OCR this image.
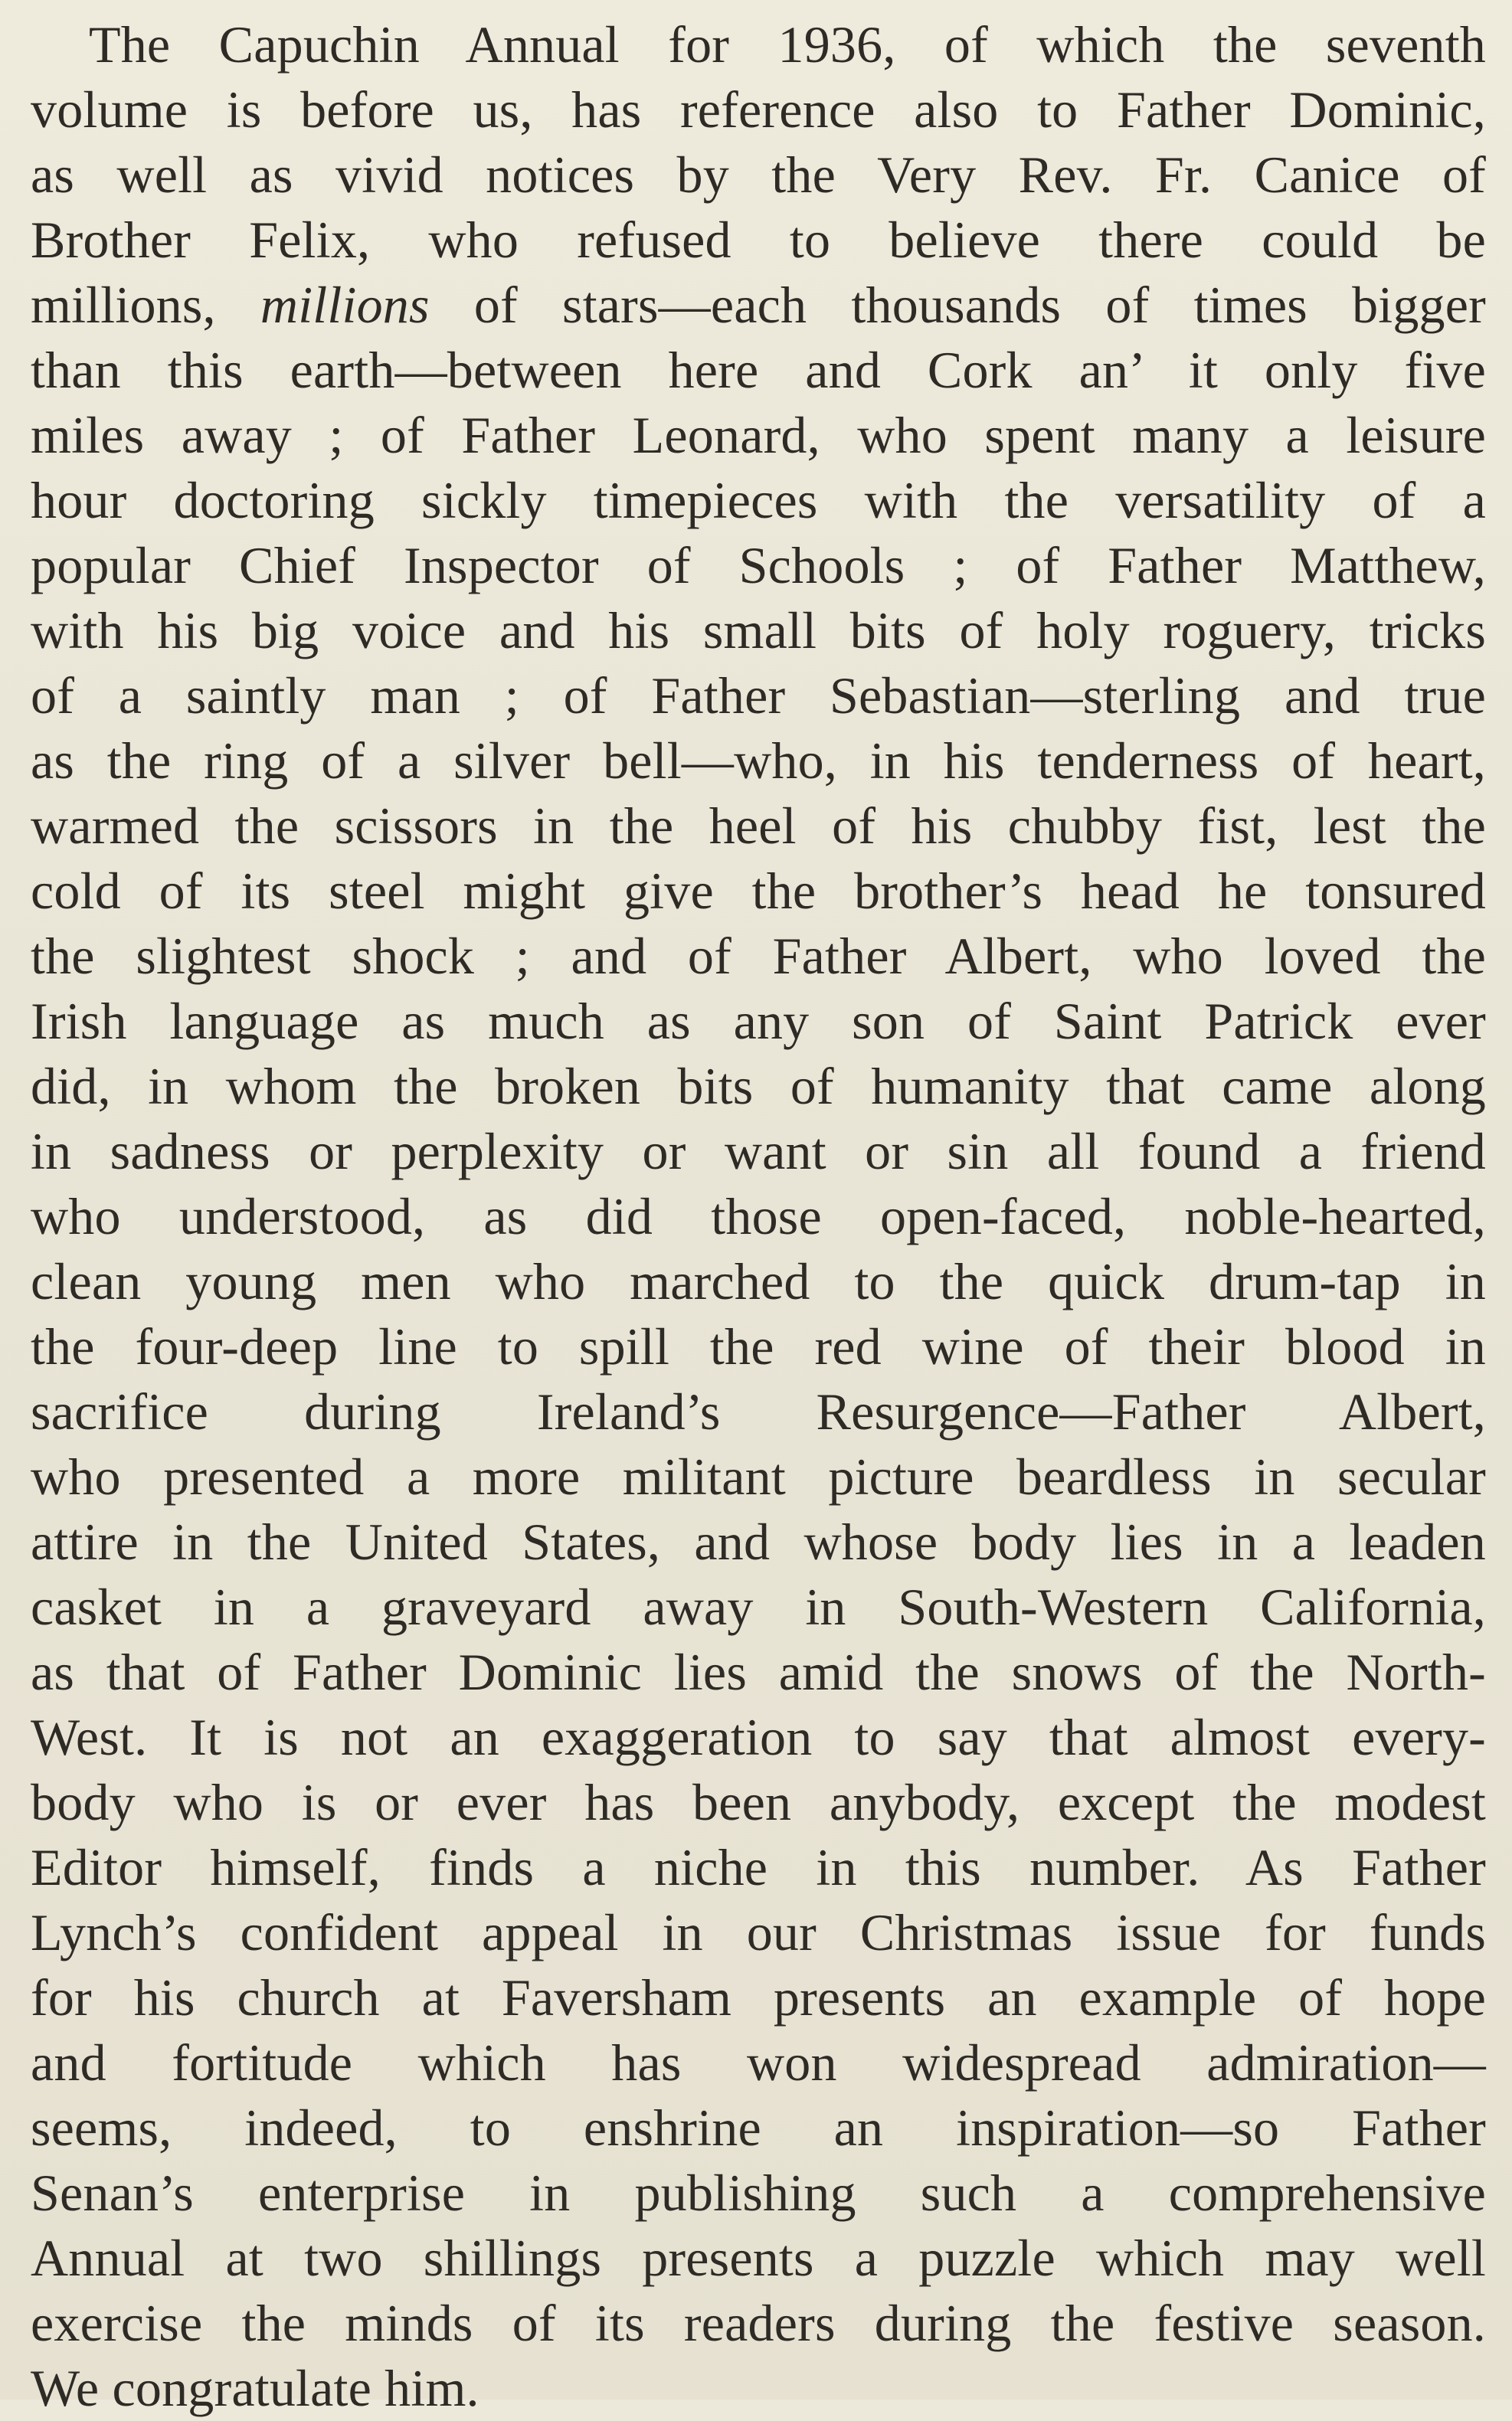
The Capuchin Annual for 1936, of which the seventh
volume is before us, has reference also to Father Dominic,
as well as vivid notices by the Very Rev. Fr. Canice of
Brother Felix, who refused to believe there could be
millions, millions of stars—each thousands of times bigger
than this earth—between here and Cork an’ it only five
miles away ; of Father Leonard, who spent many a leisure
hour doctoring sickly timepieces with the versatility of a
popular Chief Inspector of Schools ; of Father Matthew,
with his big voice and his small bits of holy roguery, tricks
of a saintly man ; of Father Sebastian—sterling and true
as the ring of a silver bell—who, in his tenderness of heart,
warmed the scissors in the heel of his chubby fist, lest the
cold of its steel might give the brother’s head he tonsured
the slightest shock ; and of Father Albert, who loved the
Irish language as much as any son of Saint Patrick ever
did, in whom the broken bits of humanity that came along
in sadness or perplexity or want or sin all found a friend
who understood, as did those open-faced, noble-hearted,
clean young men who marched to the quick drum-tap in
the four-deep line to spill the red wine of their blood in
sacrifice during Ireland’s Resurgence—Father Albert,
who presented a more militant picture beardless in secular
attire in the United States, and whose body lies in a leaden
casket in a graveyard away in South-Western California,
as that of Father Dominic lies amid the snows of the North-
West. It is not an exaggeration to say that almost every-
body who is or ever has been anybody, except the modest
Editor himself, finds a niche in this number. As Father
Lynch’s confident appeal in our Christmas issue for funds
for his church at Faversham presents an example of hope
and fortitude which has won widespread admiration—
seems, indeed, to enshrine an inspiration—so Father
Senan’s enterprise in publishing such a comprehensive
Annual at two shillings presents a puzzle which may well
exercise the minds of its readers during the festive season.
We congratulate him.
